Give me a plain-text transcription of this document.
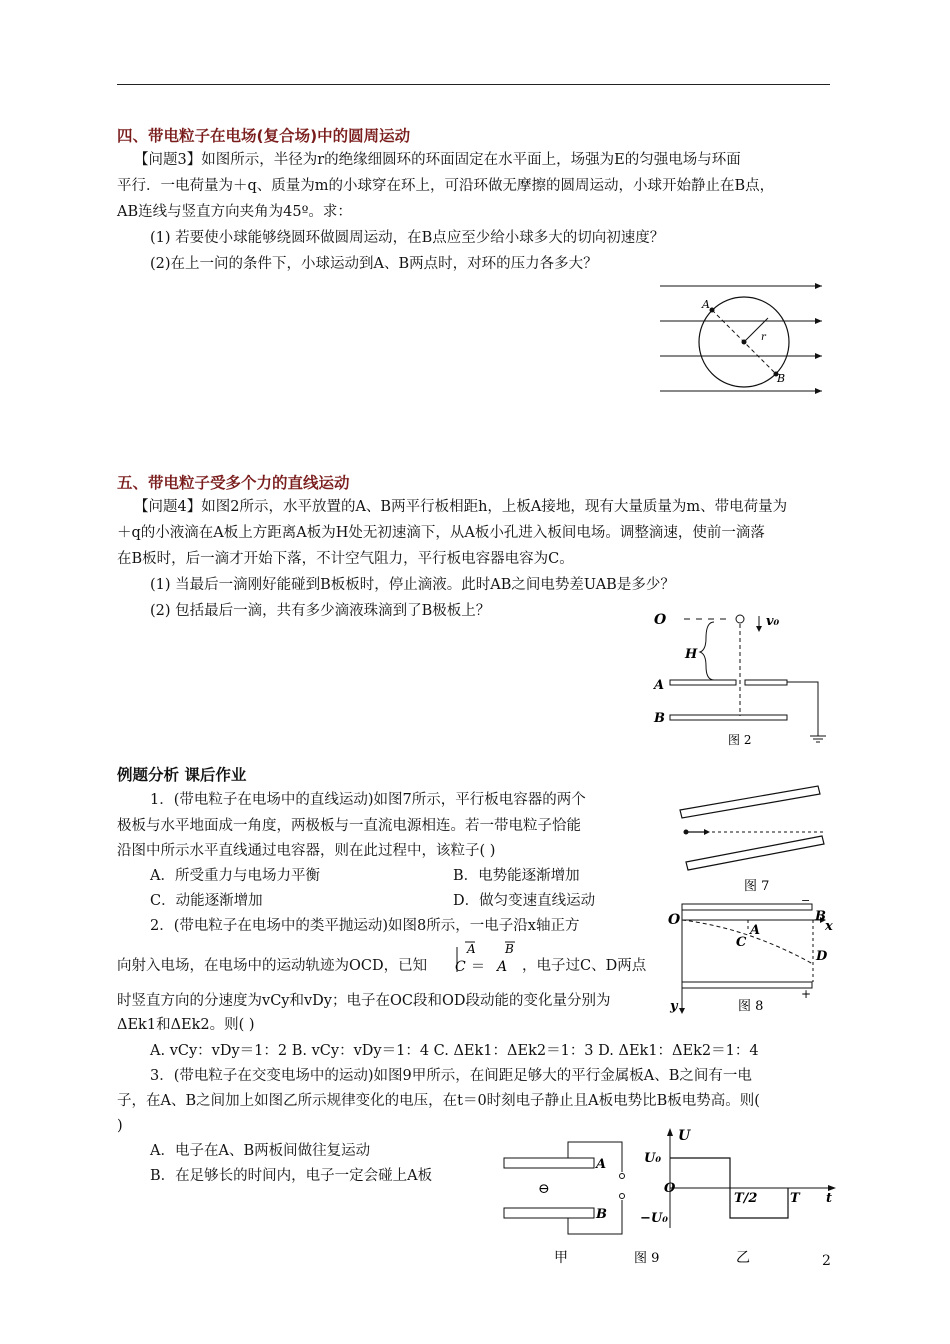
四、带电粒子在电场(复合场)中的圆周运动
【问题3】如图所示，半径为r的绝缘细圆环的环面固定在水平面上，场强为E的匀强电场与环面
平行．一电荷量为＋q、质量为m的小球穿在环上，可沿环做无摩擦的圆周运动，小球开始静止在B点，
AB连线与竖直方向夹角为45º。求：
(1) 若要使小球能够绕圆环做圆周运动，在B点应至少给小球多大的切向初速度？
(2)在上一问的条件下，小球运动到A、B两点时，对环的压力各多大？
A
B
r
五、带电粒子受多个力的直线运动
【问题4】如图2所示，水平放置的A、B两平行板相距h，上板A接地，现有大量质量为m、带电荷量为
＋q的小液滴在A板上方距离A板为H处无初速滴下，从A板小孔进入板间电场。调整滴速，使前一滴落
在B板时，后一滴才开始下落，不计空气阻力，平行板电容器电容为C。
(1) 当最后一滴刚好能碰到B板板时，停止滴液。此时AB之间电势差UAB是多少？
(2) 包括最后一滴，共有多少滴液珠滴到了B极板上？
O	v₀
H
A
B
图 2
例题分析 课后作业
1．(带电粒子在电场中的直线运动)如图7所示，平行板电容器的两个
极板与水平地面成一角度，两极板与一直流电源相连。若一带电粒子恰能
沿图中所示水平直线通过电容器，则在此过程中，该粒子( )
A．所受重力与电场力平衡	B．电势能逐渐增加
C．动能逐渐增加	D．做匀变速直线运动
图 7
2．(带电粒子在电场中的类平抛运动)如图8所示，一电子沿x轴正方
向射入电场，在电场中的运动轨迹为OCD，已知
A
C ＝
B
A ，电子过C、D两点
时竖直方向的分速度为vCy和vDy；电子在OC段和OD段动能的变化量分别为
ΔEk1和ΔEk2。则( )
A. vCy：vDy＝1：2 B. vCy：vDy＝1：4 C. ΔEk1：ΔEk2＝1：3 D. ΔEk1：ΔEk2＝1：4
−
+
O
A
C
B
D
x
y	图 8
3．(带电粒子在交变电场中的运动)如图9甲所示，在间距足够大的平行金属板A、B之间有一电
子，在A、B之间加上如图乙所示规律变化的电压，在t＝0时刻电子静止且A板电势比B板电势高。则(
)
A．电子在A、B两板间做往复运动
B．在足够长的时间内，电子一定会碰上A板
A
B
⊖
甲
U
U₀
O
−U₀
T/2	T t
图 9	乙	2
